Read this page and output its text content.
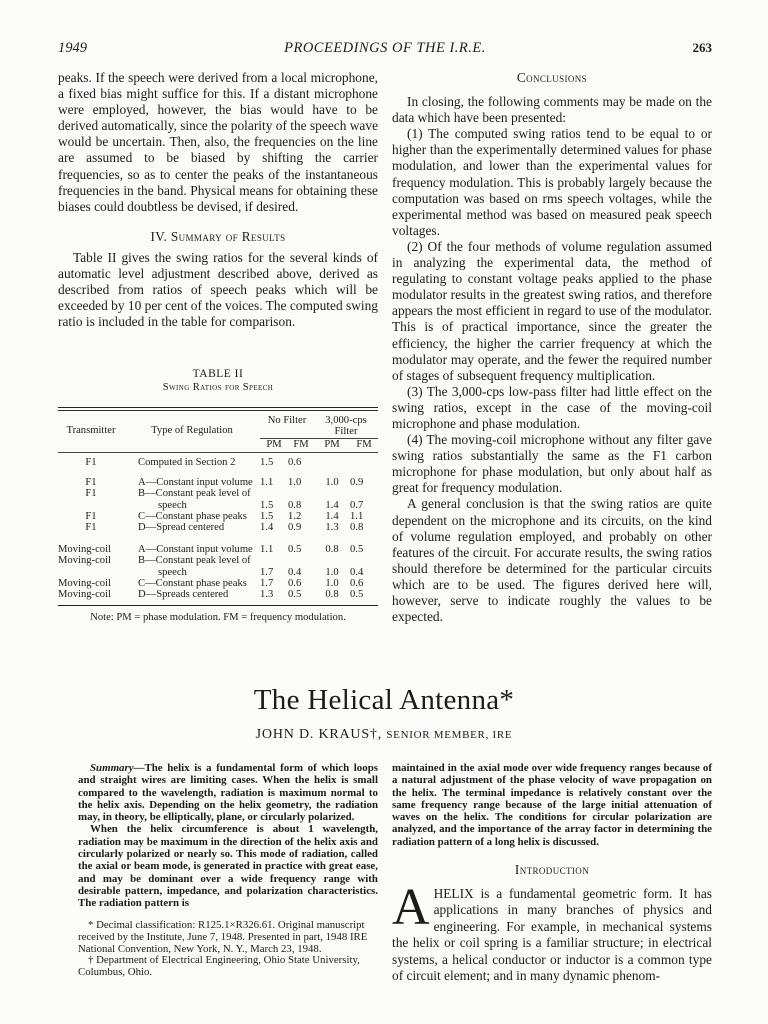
1949	PROCEEDINGS OF THE I.R.E.	263

peaks. If the speech were derived from a local microphone, a fixed bias might suffice for this. If a distant microphone were employed, however, the bias would have to be derived automatically, since the polarity of the speech wave would be uncertain. Then, also, the frequencies on the line are assumed to be biased by shifting the carrier frequencies, so as to center the peaks of the instantaneous frequencies in the band. Physical means for obtaining these biases could doubtless be devised, if desired.

IV. Summary of Results

Table II gives the swing ratios for the several kinds of automatic level adjustment described above, derived as described from ratios of speech peaks which will be exceeded by 10 per cent of the voices. The computed swing ratio is included in the table for comparison.

TABLE II
Swing Ratios for Speech
Transmitter	Type of Regulation	No Filter		3,000-cps Filter	

		PM	FM	PM	FM

F1	Computed in Section 2	1.5	0.6		

F1	A—Constant input volume	1.1	1.0	1.0	0.9
F1	B—Constant peak level of				
	speech	1.5	0.8	1.4	0.7
F1	C—Constant phase peaks	1.5	1.2	1.4	1.1
F1	D—Spread centered	1.4	0.9	1.3	0.8

Moving-coil	A—Constant input volume	1.1	0.5	0.8	0.5
Moving-coil	B—Constant peak level of				
	speech	1.7	0.4	1.0	0.4
Moving-coil	C—Constant phase peaks	1.7	0.6	1.0	0.6
Moving-coil	D—Spreads centered	1.3	0.5	0.8	0.5

Note: PM = phase modulation. FM = frequency modulation.

Conclusions

In closing, the following comments may be made on the data which have been presented:

(1) The computed swing ratios tend to be equal to or higher than the experimentally determined values for phase modulation, and lower than the experimental values for frequency modulation. This is probably largely because the computation was based on rms speech voltages, while the experimental method was based on measured peak speech voltages.

(2) Of the four methods of volume regulation assumed in analyzing the experimental data, the method of regulating to constant voltage peaks applied to the phase modulator results in the greatest swing ratios, and therefore appears the most efficient in regard to use of the modulator. This is of practical importance, since the greater the efficiency, the higher the carrier frequency at which the modulator may operate, and the fewer the required number of stages of subsequent frequency multiplication.

(3) The 3,000-cps low-pass filter had little effect on the swing ratios, except in the case of the moving-coil microphone and phase modulation.

(4) The moving-coil microphone without any filter gave swing ratios substantially the same as the F1 carbon microphone for phase modulation, but only about half as great for frequency modulation.

A general conclusion is that the swing ratios are quite dependent on the microphone and its circuits, on the kind of volume regulation employed, and probably on other features of the circuit. For accurate results, the swing ratios should therefore be determined for the particular circuits which are to be used. The figures derived here will, however, serve to indicate roughly the values to be expected.

The Helical Antenna*
JOHN D. KRAUS†, SENIOR MEMBER, IRE

Summary—The helix is a fundamental form of which loops and straight wires are limiting cases. When the helix is small compared to the wavelength, radiation is maximum normal to the helix axis. Depending on the helix geometry, the radiation may, in theory, be elliptically, plane, or circularly polarized.

When the helix circumference is about 1 wavelength, radiation may be maximum in the direction of the helix axis and circularly polarized or nearly so. This mode of radiation, called the axial or beam mode, is generated in practice with great ease, and may be dominant over a wide frequency range with desirable pattern, impedance, and polarization characteristics. The radiation pattern is

* Decimal classification: R125.1×R326.61. Original manuscript received by the Institute, June 7, 1948. Presented in part, 1948 IRE National Convention, New York, N. Y., March 23, 1948.

† Department of Electrical Engineering, Ohio State University, Columbus, Ohio.

maintained in the axial mode over wide frequency ranges because of a natural adjustment of the phase velocity of wave propagation on the helix. The terminal impedance is relatively constant over the same frequency range because of the large initial attenuation of waves on the helix. The conditions for circular polarization are analyzed, and the importance of the array factor in determining the radiation pattern of a long helix is discussed.

Introduction

AHELIX is a fundamental geometric form. It has applications in many branches of physics and engineering. For example, in mechanical systems the helix or coil spring is a familiar structure; in electrical systems, a helical conductor or inductor is a common type of circuit element; and in many dynamic phenom-
